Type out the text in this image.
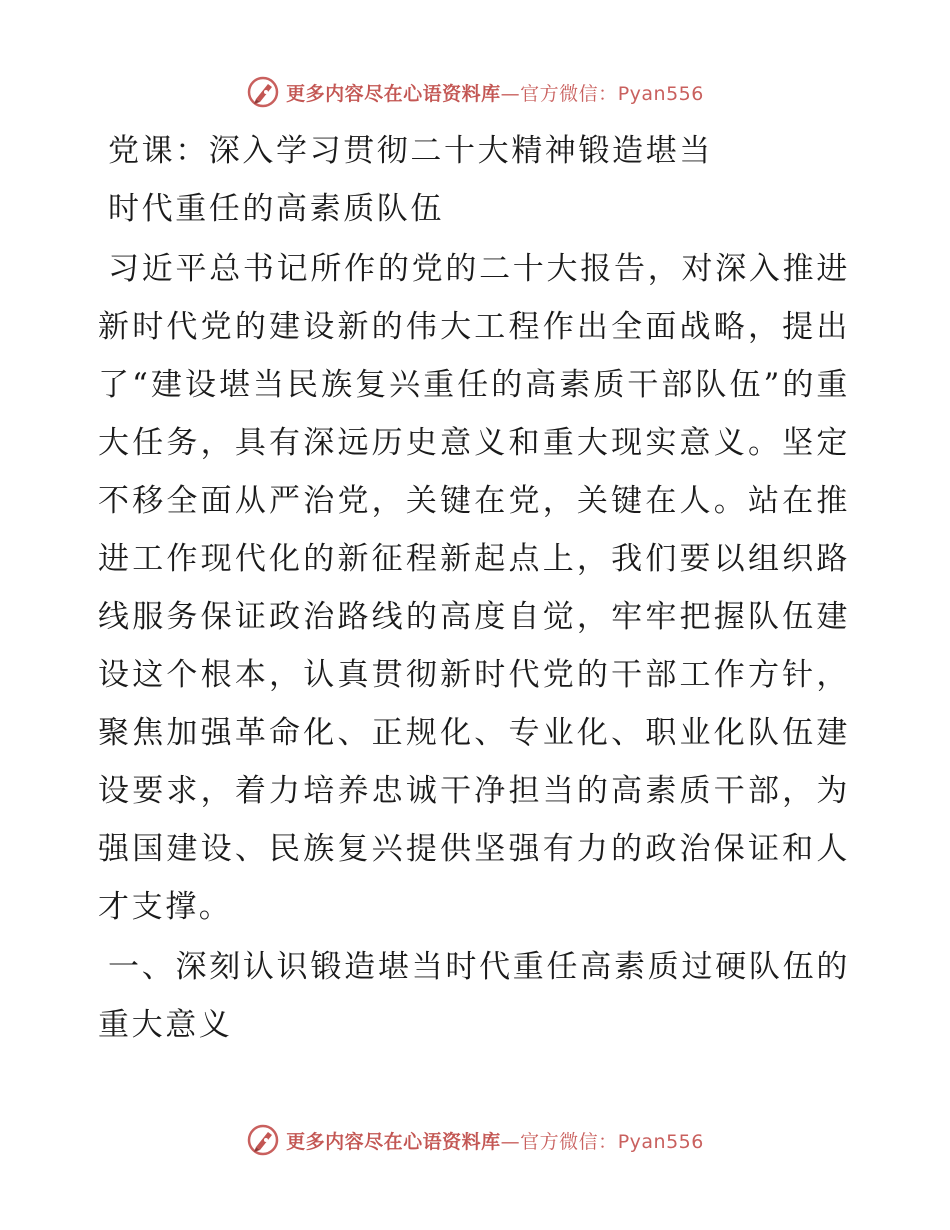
更多内容尽在心语资料库—官方微信：Pyan556
党课：深入学习贯彻二十大精神锻造堪当
时代重任的高素质队伍

习近平总书记所作的党的二十大报告，对深入推进新时代党的建设新的伟大工程作出全面战略，提出了“建设堪当民族复兴重任的高素质干部队伍”的重大任务，具有深远历史意义和重大现实意义。坚定不移全面从严治党，关键在党，关键在人。站在推进工作现代化的新征程新起点上，我们要以组织路线服务保证政治路线的高度自觉，牢牢把握队伍建设这个根本，认真贯彻新时代党的干部工作方针，聚焦加强革命化、正规化、专业化、职业化队伍建设要求，着力培养忠诚干净担当的高素质干部，为强国建设、民族复兴提供坚强有力的政治保证和人才支撑。

一、深刻认识锻造堪当时代重任高素质过硬队伍的重大意义

更多内容尽在心语资料库—官方微信：Pyan556
